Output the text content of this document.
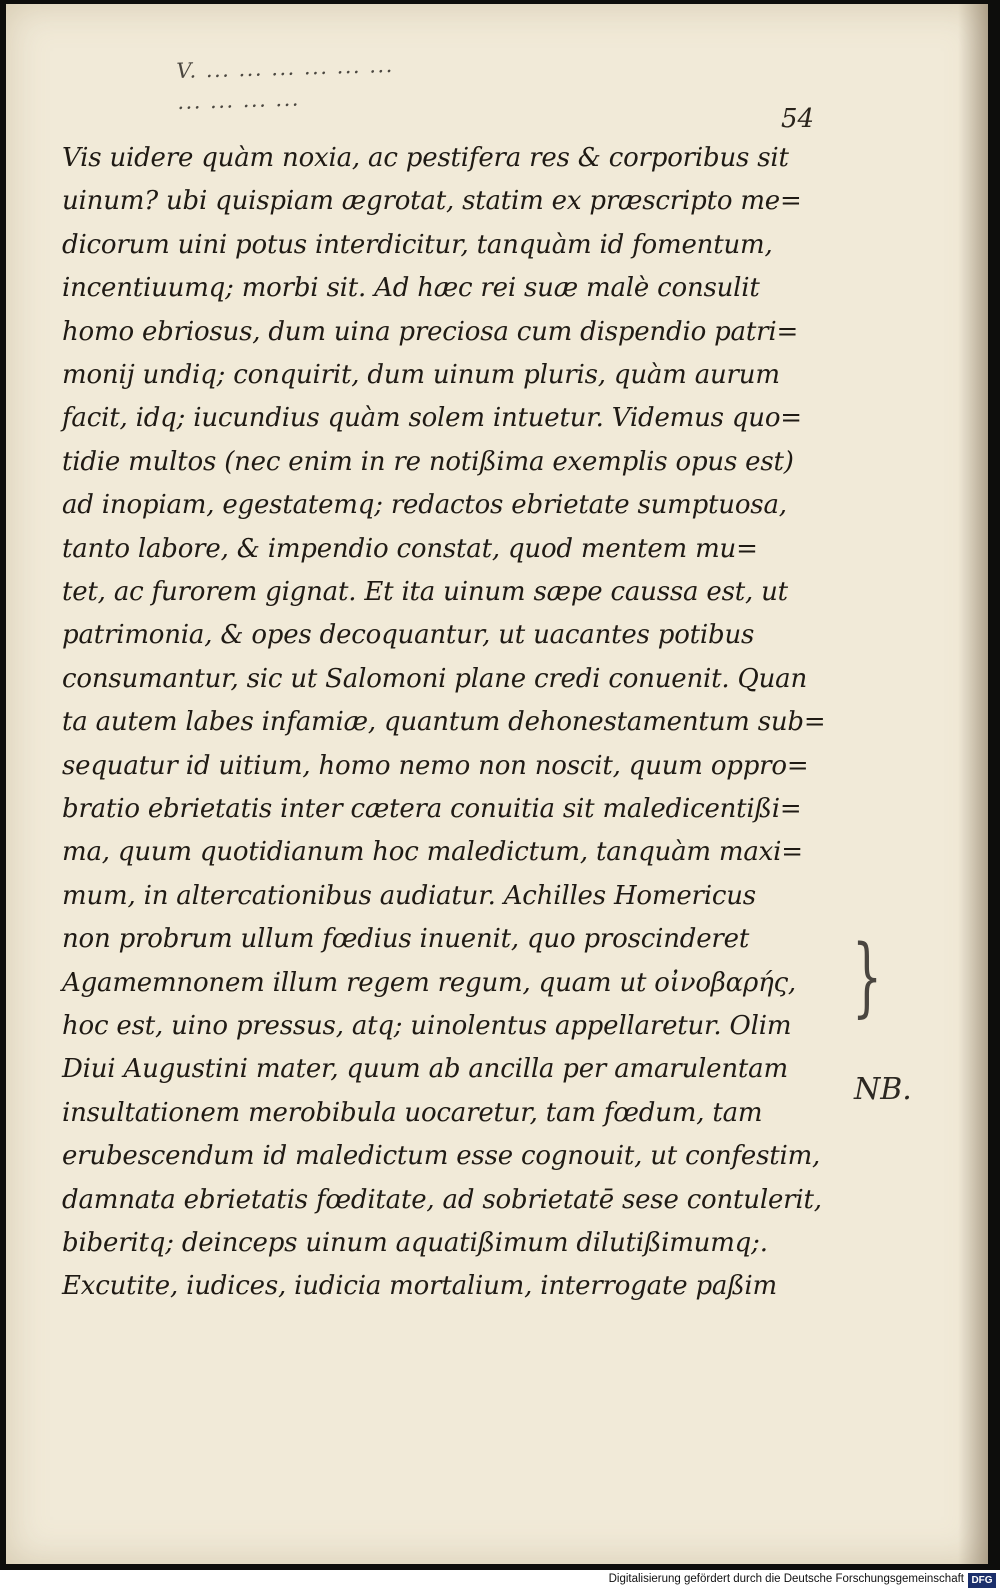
V. ... ... ... ... ... ...
... ... ... ...

54

Vis uidere quàm noxia, ac pestifera res & corporibus sit
uinum? ubi quispiam ægrotat, statim ex præscripto me=
dicorum uini potus interdicitur, tanquàm id fomentum,
incentiuumq; morbi sit. Ad hæc rei suæ malè consulit
homo ebriosus, dum uina preciosa cum dispendio patri=
monij undiq; conquirit, dum uinum pluris, quàm aurum
facit, idq; iucundius quàm solem intuetur. Videmus quo=
tidie multos (nec enim in re notißima exemplis opus est)
ad inopiam, egestatemq; redactos ebrietate sumptuosa,
tanto labore, & impendio constat, quod mentem mu=
tet, ac furorem gignat. Et ita uinum sæpe caussa est, ut
patrimonia, & opes decoquantur, ut uacantes potibus
consumantur, sic ut Salomoni plane credi conuenit. Quan
ta autem labes infamiæ, quantum dehonestamentum sub=
sequatur id uitium, homo nemo non noscit, quum oppro=
bratio ebrietatis inter cætera conuitia sit maledicentißi=
ma, quum quotidianum hoc maledictum, tanquàm maxi=
mum, in altercationibus audiatur. Achilles Homericus
non probrum ullum fœdius inuenit, quo proscinderet
Agamemnonem illum regem regum, quam ut οἰνοβαρής,
hoc est, uino pressus, atq; uinolentus appellaretur. Olim
Diui Augustini mater, quum ab ancilla per amarulentam
insultationem merobibula uocaretur, tam fœdum, tam
erubescendum id maledictum esse cognouit, ut confestim,
damnata ebrietatis fœditate, ad sobrietatē sese contulerit,
biberitq; deinceps uinum aquatißimum dilutißimumq;.
Excutite, iudices, iudicia mortalium, interrogate paßim
}
NB.
Digitalisierung gefördert durch die Deutsche Forschungsgemeinschaft DFG
